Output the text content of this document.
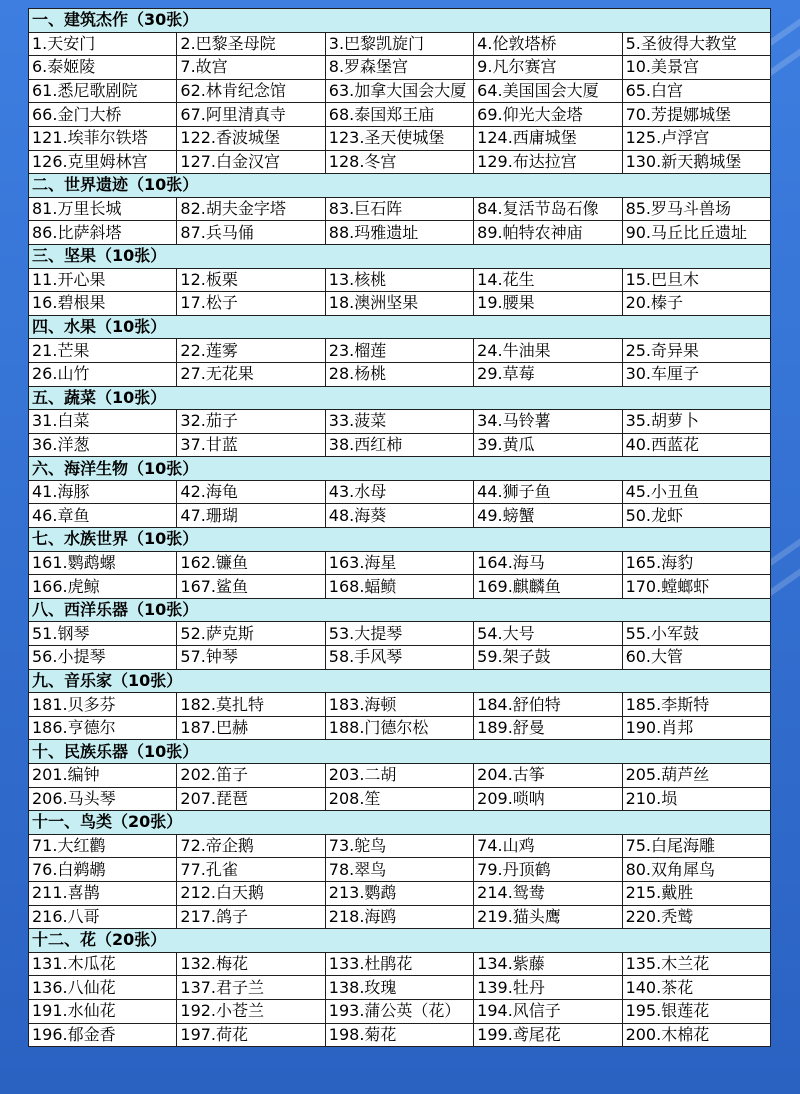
一、建筑杰作（30张）				
1.天安门	2.巴黎圣母院	3.巴黎凯旋门	4.伦敦塔桥	5.圣彼得大教堂
6.泰姬陵	7.故宫	8.罗森堡宫	9.凡尔赛宫	10.美景宫
61.悉尼歌剧院	62.林肯纪念馆	63.加拿大国会大厦	64.美国国会大厦	65.白宫
66.金门大桥	67.阿里清真寺	68.泰国郑王庙	69.仰光大金塔	70.芳提娜城堡
121.埃菲尔铁塔	122.香波城堡	123.圣天使城堡	124.西庸城堡	125.卢浮宫
126.克里姆林宫	127.白金汉宫	128.冬宫	129.布达拉宫	130.新天鹅城堡
二、世界遗迹（10张）				
81.万里长城	82.胡夫金字塔	83.巨石阵	84.复活节岛石像	85.罗马斗兽场
86.比萨斜塔	87.兵马俑	88.玛雅遗址	89.帕特农神庙	90.马丘比丘遗址
三、坚果（10张）				
11.开心果	12.板栗	13.核桃	14.花生	15.巴旦木
16.碧根果	17.松子	18.澳洲坚果	19.腰果	20.榛子
四、水果（10张）				
21.芒果	22.莲雾	23.榴莲	24.牛油果	25.奇异果
26.山竹	27.无花果	28.杨桃	29.草莓	30.车厘子
五、蔬菜（10张）				
31.白菜	32.茄子	33.菠菜	34.马铃薯	35.胡萝卜
36.洋葱	37.甘蓝	38.西红柿	39.黄瓜	40.西蓝花
六、海洋生物（10张）				
41.海豚	42.海龟	43.水母	44.狮子鱼	45.小丑鱼
46.章鱼	47.珊瑚	48.海葵	49.螃蟹	50.龙虾
七、水族世界（10张）				
161.鹦鹉螺	162.镰鱼	163.海星	164.海马	165.海豹
166.虎鲸	167.鲨鱼	168.蝠鲼	169.麒麟鱼	170.螳螂虾
八、西洋乐器（10张）				
51.钢琴	52.萨克斯	53.大提琴	54.大号	55.小军鼓
56.小提琴	57.钟琴	58.手风琴	59.架子鼓	60.大管
九、音乐家（10张）				
181.贝多芬	182.莫扎特	183.海顿	184.舒伯特	185.李斯特
186.亨德尔	187.巴赫	188.门德尔松	189.舒曼	190.肖邦
十、民族乐器（10张）				
201.编钟	202.笛子	203.二胡	204.古筝	205.葫芦丝
206.马头琴	207.琵琶	208.笙	209.唢呐	210.埙
十一、鸟类（20张）				
71.大红鹳	72.帝企鹅	73.鸵鸟	74.山鸡	75.白尾海雕
76.白鹈鹕	77.孔雀	78.翠鸟	79.丹顶鹤	80.双角犀鸟
211.喜鹊	212.白天鹅	213.鹦鹉	214.鸳鸯	215.戴胜
216.八哥	217.鸽子	218.海鸥	219.猫头鹰	220.秃鹫
十二、花（20张）				
131.木瓜花	132.梅花	133.杜鹃花	134.紫藤	135.木兰花
136.八仙花	137.君子兰	138.玫瑰	139.牡丹	140.茶花
191.水仙花	192.小苍兰	193.蒲公英（花）	194.风信子	195.银莲花
196.郁金香	197.荷花	198.菊花	199.鸢尾花	200.木棉花
